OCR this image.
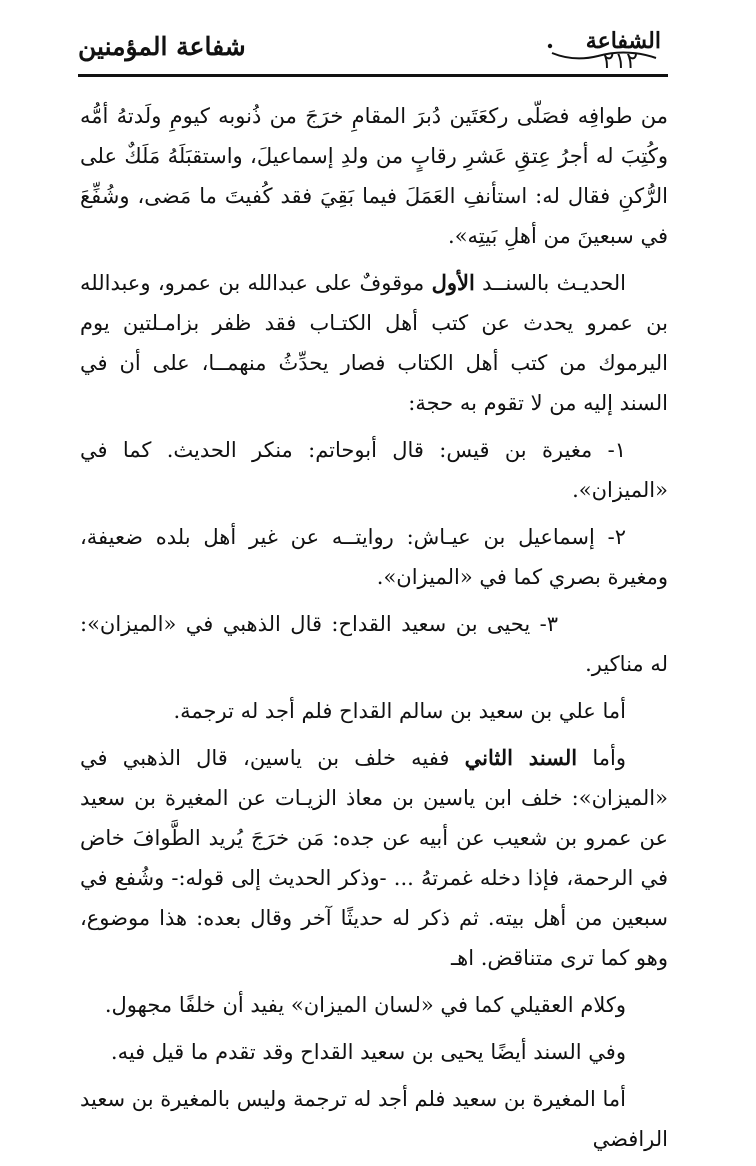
شفاعة المؤمنين	الشفاعة
٢١٢

من طوافِه فصَلّى ركعَتَين دُبرَ المقامِ خرَجَ من ذُنوبه كيومِ ولَدتهُ أمُّه وكُتِبَ له أجرُ عِتقِ عَشرِ رقابٍ من ولدِ إسماعيلَ، واستقبَلَهُ مَلَكٌ على الرُّكنِ فقال له: استأنفِ العَمَلَ فيما بَقِيَ فقد كُفيتَ ما مَضى، وشُفِّعَ في سبعينَ من أهلِ بَيتِه».

الحديـث بالسنــد الأول موقوفٌ على عبدالله بن عمرو، وعبدالله بن عمرو يحدث عن كتب أهل الكتـاب فقد ظفر بزامـلتين يوم اليرموك من كتب أهل الكتاب فصار يحدِّثُ منهمــا، على أن في السند إليه من لا تقوم به حجة:

١- مغيرة بن قيس: قال أبوحاتم: منكر الحديث. كما في «الميزان».

٢- إسماعيل بن عيـاش: روايتــه عن غير أهل بلده ضعيفة، ومغيرة بصري كما في «الميزان».

٣- يحيى بن سعيد القداح: قال الذهبي في «الميزان»: له مناكير.

أما علي بن سعيد بن سالم القداح فلم أجد له ترجمة.

وأما السند الثاني ففيه خلف بن ياسين، قال الذهبي في «الميزان»: خلف ابن ياسين بن معاذ الزيـات عن المغيرة بن سعيد عن عمرو بن شعيب عن أبيه عن جده: مَن خرَجَ يُريد الطَّوافَ خاض في الرحمة، فإذا دخله غمرتهُ ... -وذكر الحديث إلى قوله:- وشُفع في سبعين من أهل بيته. ثم ذكر له حديثًا آخر وقال بعده: هذا موضوع، وهو كما ترى متناقض. اهـ

وكلام العقيلي كما في «لسان الميزان» يفيد أن خلفًا مجهول.

وفي السند أيضًا يحيى بن سعيد القداح وقد تقدم ما قيل فيه.

أما المغيرة بن سعيد فلم أجد له ترجمة وليس بالمغيرة بن سعيد الرافضي
